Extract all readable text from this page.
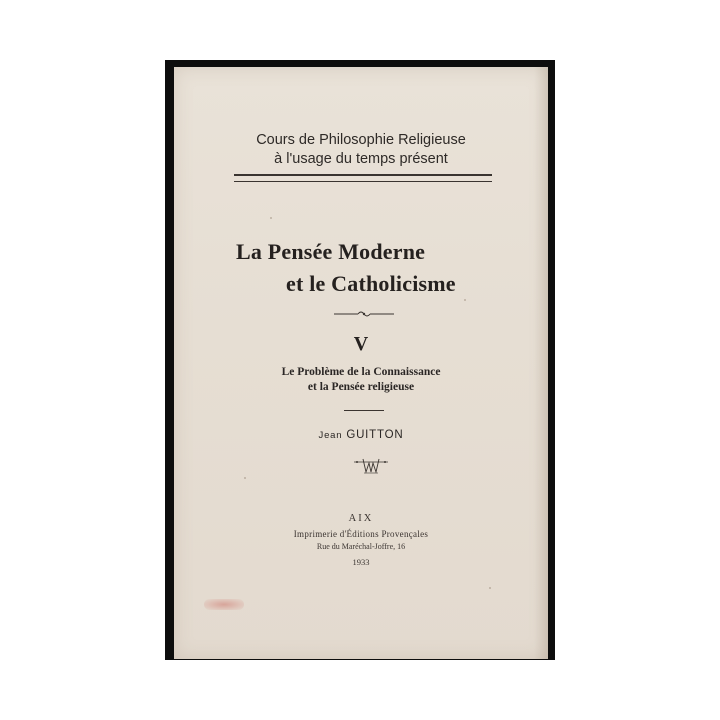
Cours de Philosophie Religieuse
à l'usage du temps présent
La Pensée Moderne
et le Catholicisme
V
Le Problème de la Connaissance
et la Pensée religieuse
Jean GUITTON
AIX
Imprimerie d'Éditions Provençales
Rue du Maréchal-Joffre, 16
1933
